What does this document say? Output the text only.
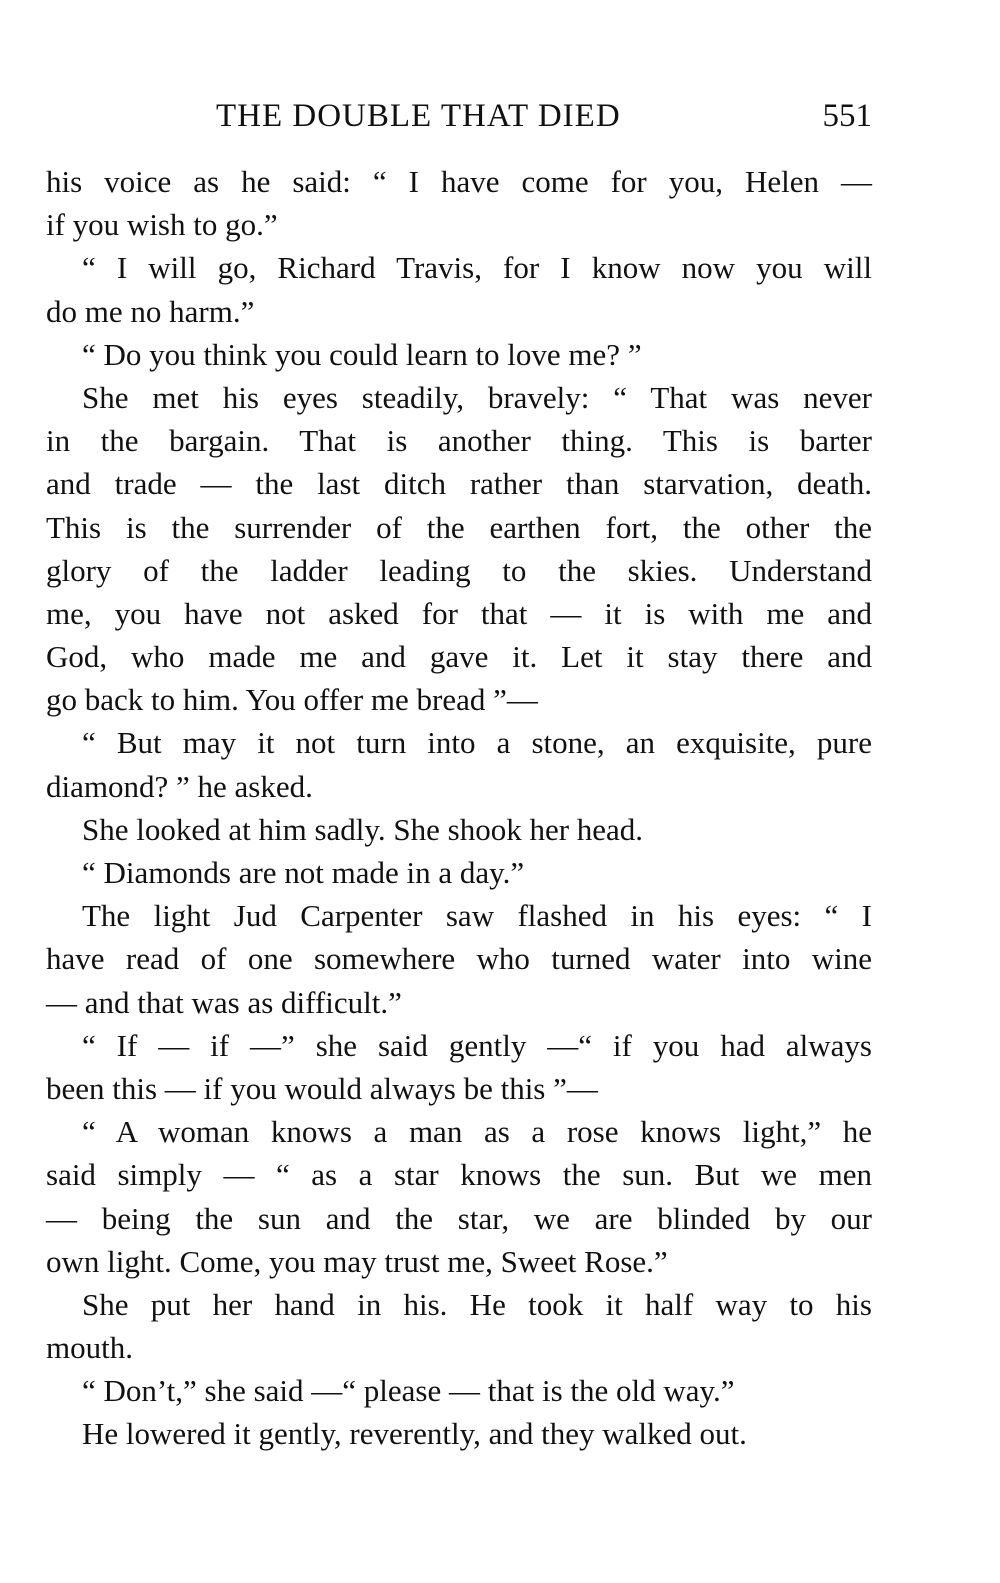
THE DOUBLE THAT DIED	551
his voice as he said: “ I have come for you, Helen —
if you wish to go.”
“ I will go, Richard Travis, for I know now you will
do me no harm.”
“ Do you think you could learn to love me? ”
She met his eyes steadily, bravely: “ That was never
in the bargain. That is another thing. This is barter
and trade — the last ditch rather than starvation, death.
This is the surrender of the earthen fort, the other the
glory of the ladder leading to the skies. Understand
me, you have not asked for that — it is with me and
God, who made me and gave it. Let it stay there and
go back to him. You offer me bread ”—
“ But may it not turn into a stone, an exquisite, pure
diamond? ” he asked.
She looked at him sadly. She shook her head.
“ Diamonds are not made in a day.”
The light Jud Carpenter saw flashed in his eyes: “ I
have read of one somewhere who turned water into wine
— and that was as difficult.”
“ If — if —” she said gently —“ if you had always
been this — if you would always be this ”—
“ A woman knows a man as a rose knows light,” he
said simply — “ as a star knows the sun. But we men
— being the sun and the star, we are blinded by our
own light. Come, you may trust me, Sweet Rose.”
She put her hand in his. He took it half way to his
mouth.
“ Don’t,” she said —“ please — that is the old way.”
He lowered it gently, reverently, and they walked out.
